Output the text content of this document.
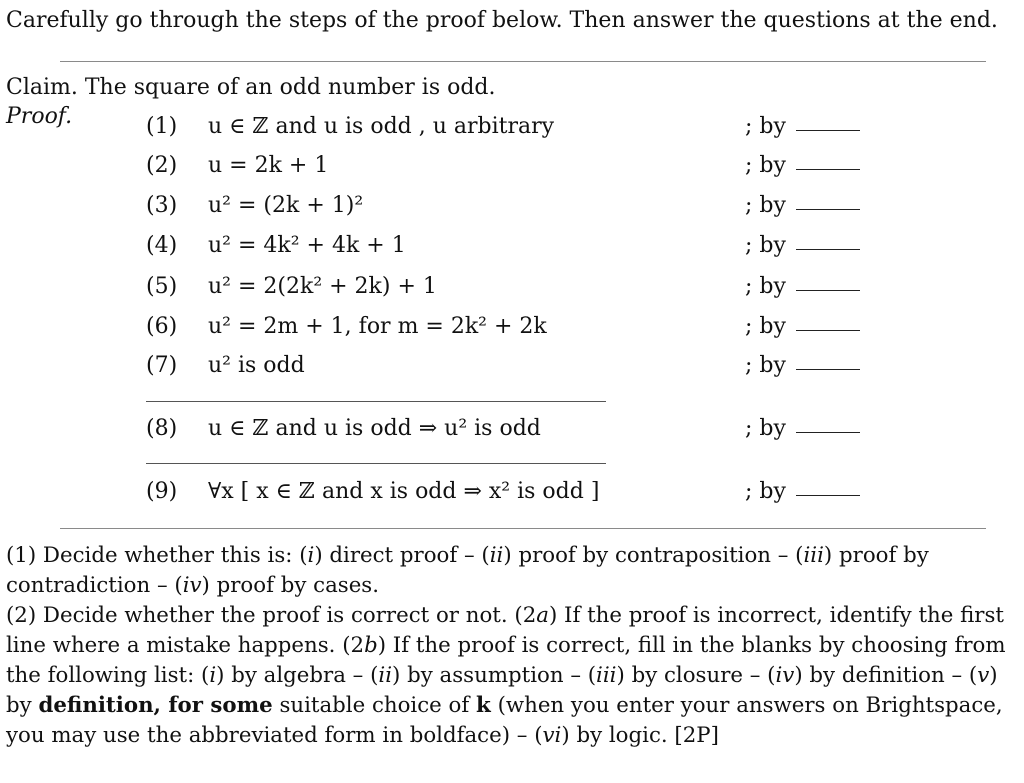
Carefully go through the steps of the proof below. Then answer the questions at the end.
Claim. The square of an odd number is odd.
Proof.	(1) u ∈ ℤ and u is odd , u arbitrary	; by
(2) u = 2k + 1	; by
(3) u² = (2k + 1)²	; by
(4) u² = 4k² + 4k + 1	; by
(5) u² = 2(2k² + 2k) + 1	; by
(6) u² = 2m + 1, for m = 2k² + 2k	; by
(7) u² is odd	; by
(8) u ∈ ℤ and u is odd ⇒ u² is odd	; by
(9) ∀x [ x ∈ ℤ and x is odd ⇒ x² is odd ]	; by

(1) Decide whether this is: (i) direct proof – (ii) proof by contraposition – (iii) proof by contradiction – (iv) proof by cases.

(2) Decide whether the proof is correct or not. (2a) If the proof is incorrect, identify the first line where a mistake happens. (2b) If the proof is correct, fill in the blanks by choosing from the following list: (i) by algebra – (ii) by assumption – (iii) by closure – (iv) by definition – (v) by definition, for some suitable choice of k (when you enter your answers on Brightspace, you may use the abbreviated form in boldface) – (vi) by logic. [2P]
